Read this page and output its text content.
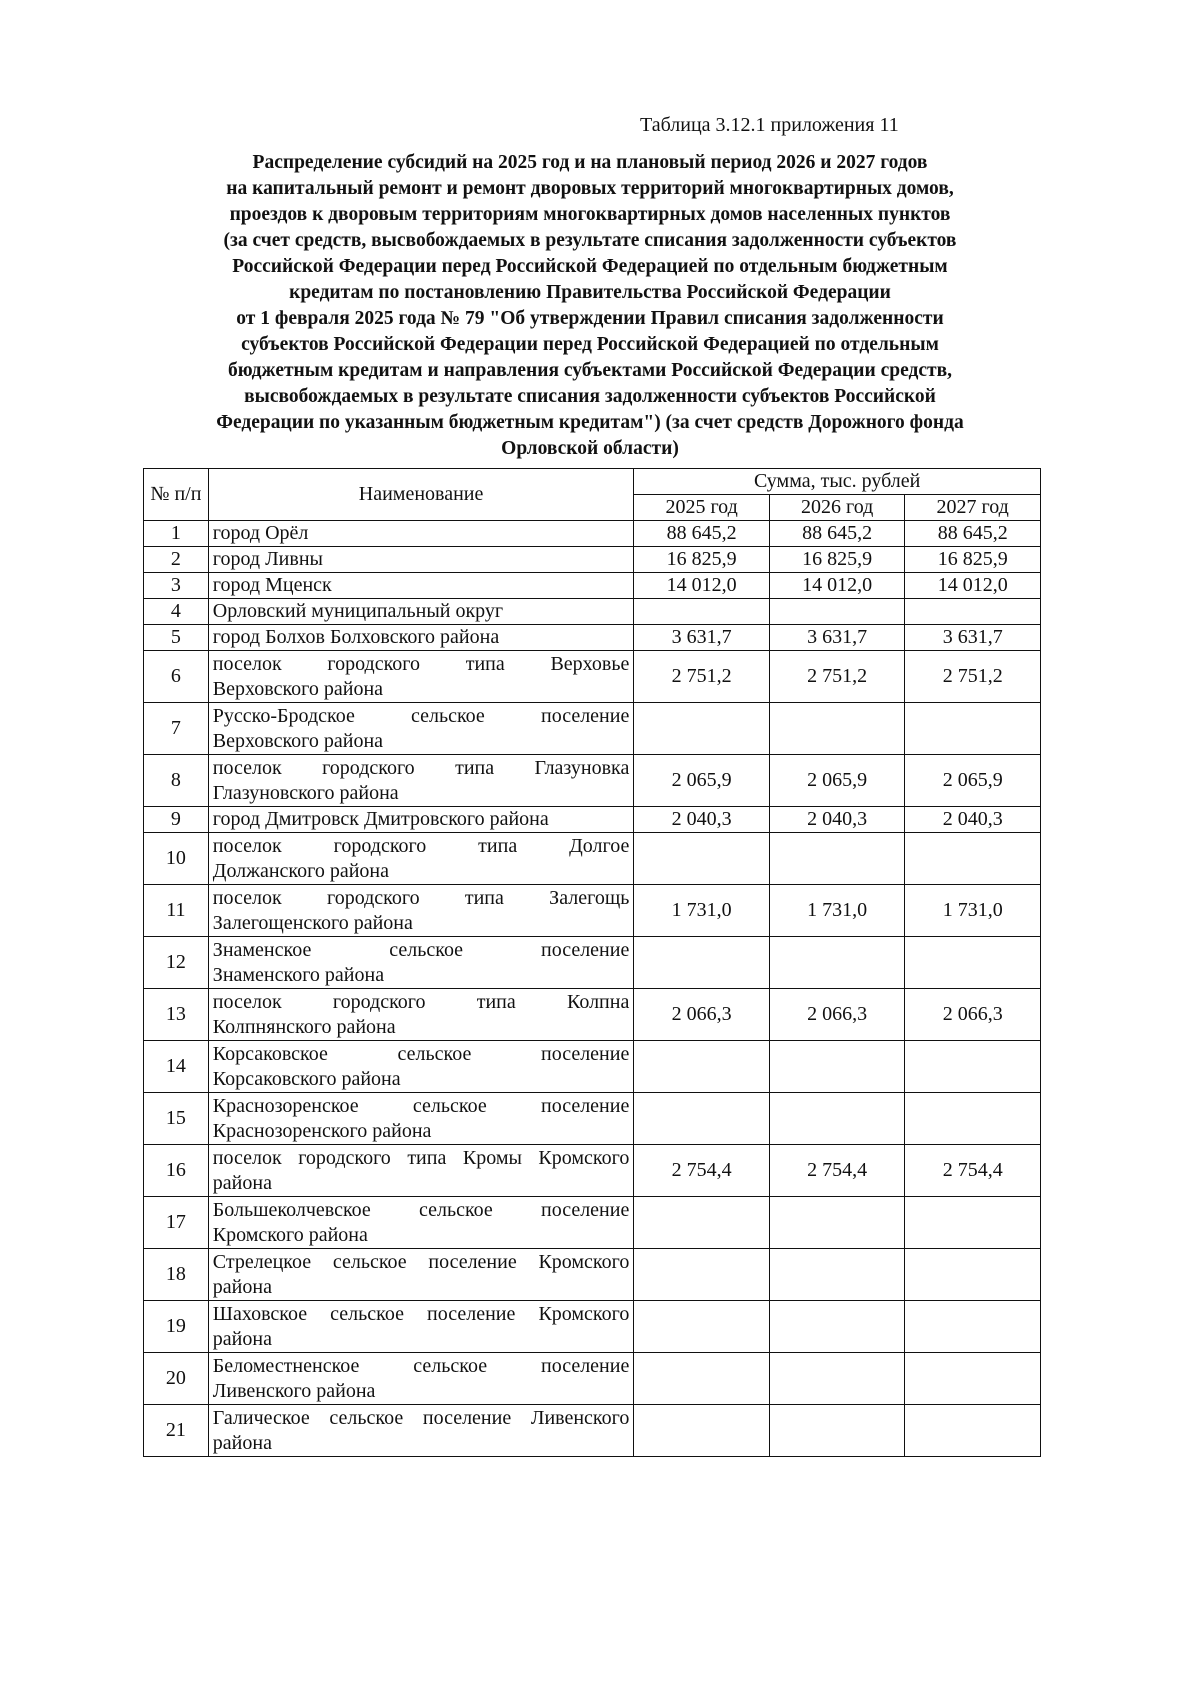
Таблица 3.12.1 приложения 11
Распределение субсидий на 2025 год и на плановый период 2026 и 2027 годов
на капитальный ремонт и ремонт дворовых территорий многоквартирных домов,
проездов к дворовым территориям многоквартирных домов населенных пунктов
(за счет средств, высвобождаемых в результате списания задолженности субъектов
Российской Федерации перед Российской Федерацией по отдельным бюджетным
кредитам по постановлению Правительства Российской Федерации
от 1 февраля 2025 года № 79 "Об утверждении Правил списания задолженности
субъектов Российской Федерации перед Российской Федерацией по отдельным
бюджетным кредитам и направления субъектами Российской Федерации средств,
высвобождаемых в результате списания задолженности субъектов Российской
Федерации по указанным бюджетным кредитам") (за счет средств Дорожного фонда
Орловской области)
№ п/п	Наименование	Сумма, тыс. рублей		
		2025 год	2026 год	2027 год
1	город Орёл	88 645,2	88 645,2	88 645,2
2	город Ливны	16 825,9	16 825,9	16 825,9
3	город Мценск	14 012,0	14 012,0	14 012,0
4	Орловский муниципальный округ			

5	город Болхов Болховского района	3 631,7	3 631,7	3 631,7
6	поселок городского типа Верховье
Верховского района	2 751,2	2 751,2	2 751,2
7	Русско-Бродское сельское поселение
Верховского района			

8	поселок городского типа Глазуновка
Глазуновского района	2 065,9	2 065,9	2 065,9
9	город Дмитровск Дмитровского района	2 040,3	2 040,3	2 040,3
10	поселок городского типа Долгое
Должанского района			

11	поселок городского типа Залегощь
Залегощенского района	1 731,0	1 731,0	1 731,0
12	Знаменское сельское поселение
Знаменского района			

13	поселок городского типа Колпна
Колпнянского района	2 066,3	2 066,3	2 066,3
14	Корсаковское сельское поселение
Корсаковского района			

15	Краснозоренское сельское поселение
Краснозоренского района			

16	поселок городского типа Кромы Кромского
района	2 754,4	2 754,4	2 754,4
17	Большеколчевское сельское поселение
Кромского района			

18	Стрелецкое сельское поселение Кромского
района			

19	Шаховское сельское поселение Кромского
района			

20	Беломестненское сельское поселение
Ливенского района			

21	Галическое сельское поселение Ливенского
района			
